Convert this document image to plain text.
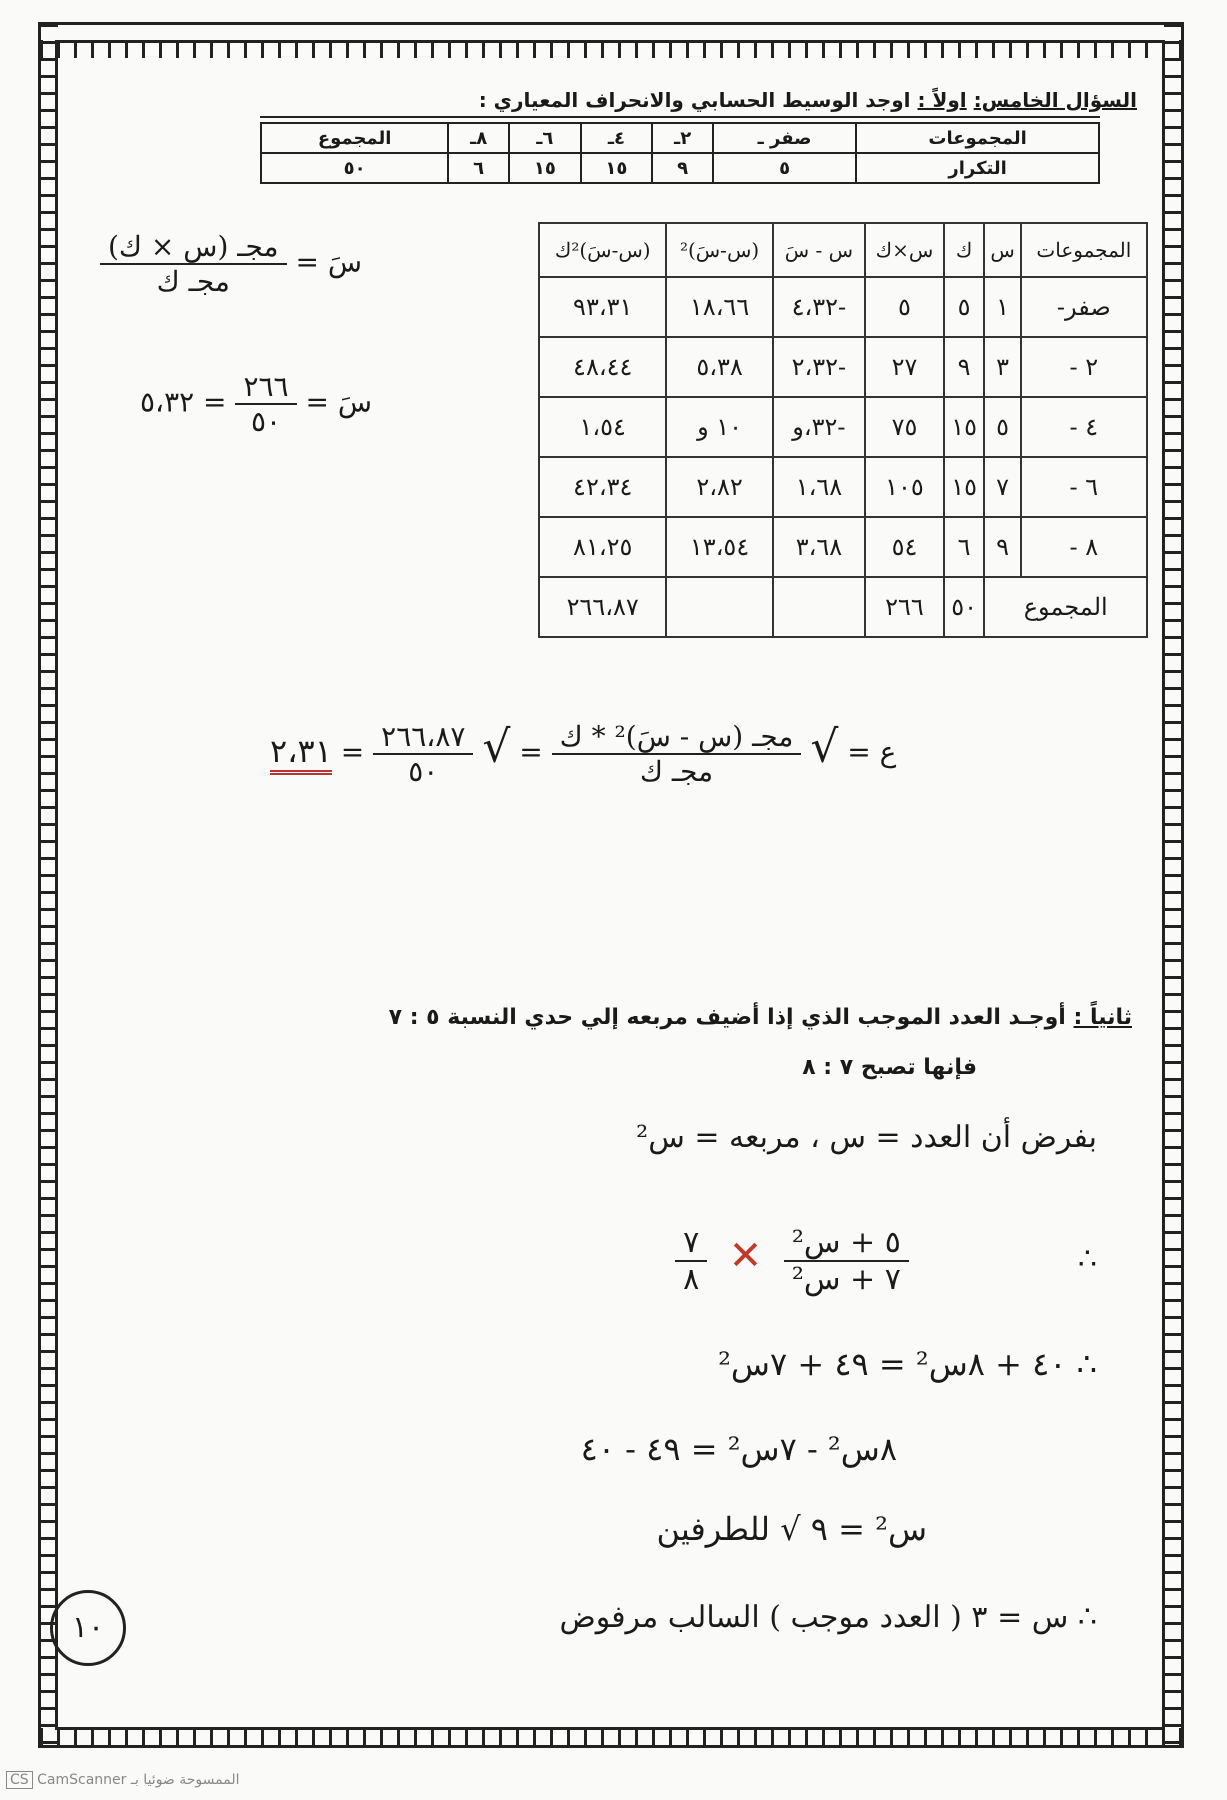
السؤال الخامس: اولاً : اوجد الوسيط الحسابي والانحراف المعياري :
المجموعات	صفر ـ	٢ـ	٤ـ	٦ـ	٨ـ	المجموع
التكرار	٥	٩	١٥	١٥	٦	٥٠
المجموعات	س	ك	س×ك	س - سَ	(س-سَ)²	(س-سَ)²ك
صفر-	١	٥	٥	-٤،٣٢	١٨،٦٦	٩٣،٣١
٢ -	٣	٩	٢٧	-٢،٣٢	٥،٣٨	٤٨،٤٤
٤ -	٥	١٥	٧٥	-٣٢،و	١٠ و	١،٥٤
٦ -	٧	١٥	١٠٥	١،٦٨	٢،٨٢	٤٢،٣٤
٨ -	٩	٦	٥٤	٣،٦٨	١٣،٥٤	٨١،٢٥
المجموع		٥٠	٢٦٦			٢٦٦،٨٧
سَ =
$\frac{\text{مجـ (س × ك)}}{\text{مجـ ك}}$
سَ =
$\frac{٢٦٦}{٥٠}$
= ٥،٣٢
ع = √
$\frac{\text{مجـ (س - سَ)² * ك}}{\text{مجـ ك}}$
= √
$\frac{٢٦٦،٨٧}{٥٠}$
= ٢،٣١
ثانياً : أوجـد العدد الموجب الذي إذا أضيف مربعه إلي حدي النسبة ٥ : ٧
فإنها تصبح ٧ : ٨
بفرض أن العدد = س ، مربعه = س²
∴
$\frac{\text{٥ + س²}}{\text{٧ + س²}}$
✕
$\frac{٧}{٨}$
∴ ٤٠ + ٨س² = ٤٩ + ٧س²
٨س² - ٧س² = ٤٩ - ٤٠
س² = ٩ √ للطرفين
∴ س = ٣ ( العدد موجب ) السالب مرفوض
١٠
CS CamScanner الممسوحة ضوئيا بـ
